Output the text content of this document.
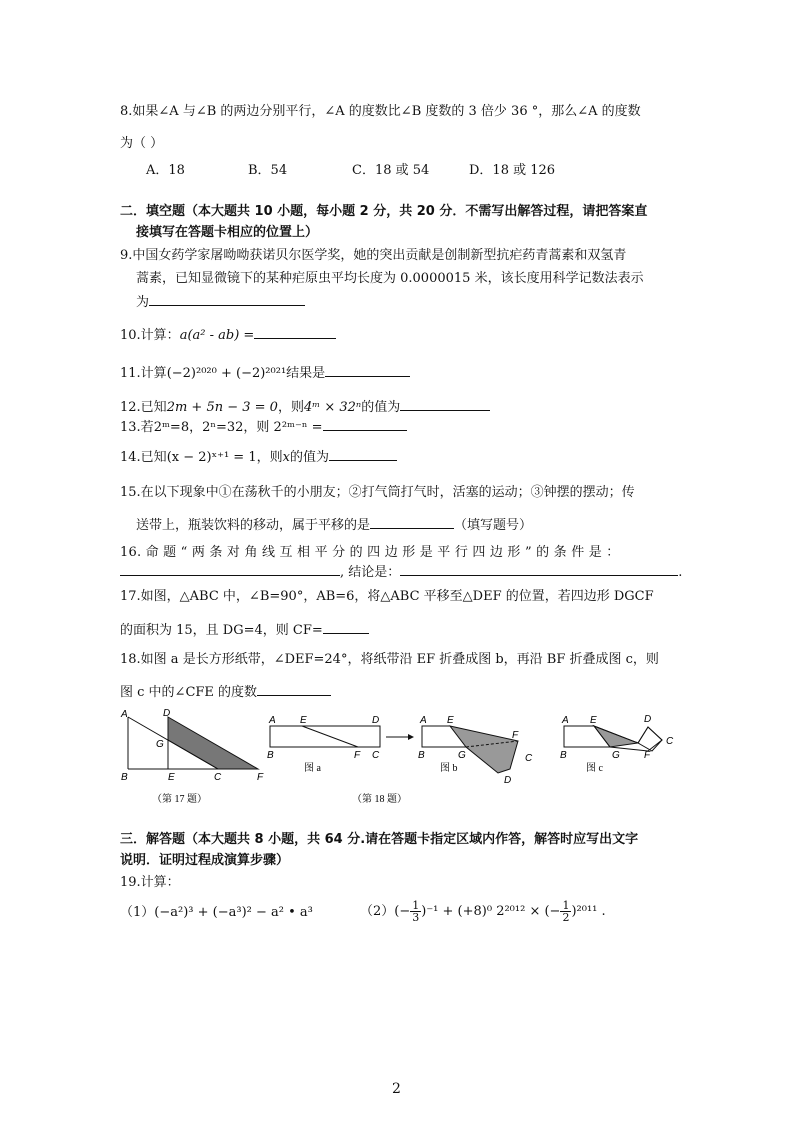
8.如果∠A 与∠B 的两边分别平行，∠A 的度数比∠B 度数的 3 倍少 36 °，那么∠A 的度数
为（ ）
A．18	B．54	C．18 或 54	D．18 或 126
二．填空题（本大题共 10 小题，每小题 2 分，共 20 分．不需写出解答过程，请把答案直
接填写在答题卡相应的位置上）
9.中国女药学家屠呦呦获诺贝尔医学奖，她的突出贡献是创制新型抗疟药青蒿素和双氢青
蒿素，已知显微镜下的某种疟原虫平均长度为 0.0000015 米，该长度用科学记数法表示
为
10.计算：a(a² - ab) =
11.计算(−2)²⁰²⁰ + (−2)²⁰²¹结果是
12.已知2m + 5n − 3 = 0，则4ᵐ × 32ⁿ的值为
13.若2ᵐ=8，2ⁿ=32，则 2²ᵐ⁻ⁿ =
14.已知(x − 2)ˣ⁺¹ = 1，则x的值为
15.在以下现象中①在荡秋千的小朋友；②打气筒打气时，活塞的运动；③钟摆的摆动；传
送带上，瓶装饮料的移动，属于平移的是	（填写题号）
16. 命 题 “ 两 条 对 角 线 互 相 平 分 的 四 边 形 是 平 行 四 边 形 ” 的 条 件 是 ：
, 结论是：	.
17.如图，△ABC 中，∠B=90°，AB=6，将△ABC 平移至△DEF 的位置，若四边形 DGCF
的面积为 15，且 DG=4，则 CF=
18.如图 a 是长方形纸带，∠DEF=24°，将纸带沿 EF 折叠成图 b，再沿 BF 折叠成图 c，则
图 c 中的∠CFE 的度数
A	D
G
B	E	C	F
（第 17 题）
A E	D
B	F C
图 a
A E
F
B	G	C
D
图 b
A E	D
C
B	G F
图 c
（第 18 题）
三．解答题（本大题共 8 小题，共 64 分.请在答题卡指定区域内作答，解答时应写出文字
说明．证明过程成演算步骤）
19.计算：
（1）(−a²)³ + (−a³)² − a² • a³	$(2)(- \frac{1}{3} )^{-1} + (+8)^0$ 2²⁰¹² × (− $\frac{1}{2} )^{2011}$ .
2
